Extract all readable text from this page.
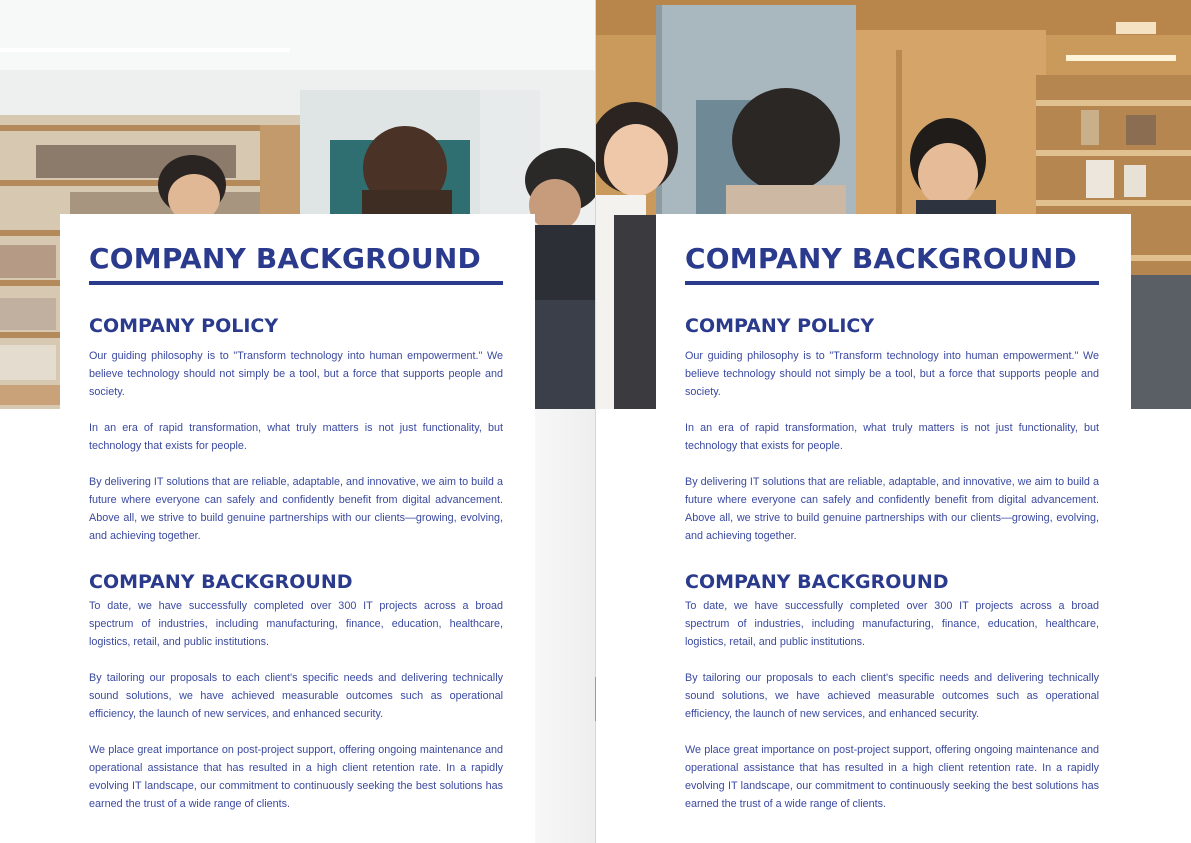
COMPANY BACKGROUND
COMPANY POLICY

Our guiding philosophy is to "Transform technology into human empowerment." We believe technology should not simply be a tool, but a force that supports people and society.

In an era of rapid transformation, what truly matters is not just functionality, but technology that exists for people.

By delivering IT solutions that are reliable, adaptable, and innovative, we aim to build a future where everyone can safely and confidently benefit from digital advancement. Above all, we strive to build genuine partnerships with our clients—growing, evolving, and achieving together.

COMPANY BACKGROUND

To date, we have successfully completed over 300 IT projects across a broad spectrum of industries, including manufacturing, finance, education, healthcare, logistics, retail, and public institutions.

By tailoring our proposals to each client's specific needs and delivering technically sound solutions, we have achieved measurable outcomes such as operational efficiency, the launch of new services, and enhanced security.

We place great importance on post-project support, offering ongoing maintenance and operational assistance that has resulted in a high client retention rate. In a rapidly evolving IT landscape, our commitment to continuously seeking the best solutions has earned the trust of a wide range of clients.

COMPANY BACKGROUND
COMPANY POLICY

Our guiding philosophy is to "Transform technology into human empowerment." We believe technology should not simply be a tool, but a force that supports people and society.

In an era of rapid transformation, what truly matters is not just functionality, but technology that exists for people.

By delivering IT solutions that are reliable, adaptable, and innovative, we aim to build a future where everyone can safely and confidently benefit from digital advancement. Above all, we strive to build genuine partnerships with our clients—growing, evolving, and achieving together.

COMPANY BACKGROUND

To date, we have successfully completed over 300 IT projects across a broad spectrum of industries, including manufacturing, finance, education, healthcare, logistics, retail, and public institutions.

By tailoring our proposals to each client's specific needs and delivering technically sound solutions, we have achieved measurable outcomes such as operational efficiency, the launch of new services, and enhanced security.

We place great importance on post-project support, offering ongoing maintenance and operational assistance that has resulted in a high client retention rate. In a rapidly evolving IT landscape, our commitment to continuously seeking the best solutions has earned the trust of a wide range of clients.
